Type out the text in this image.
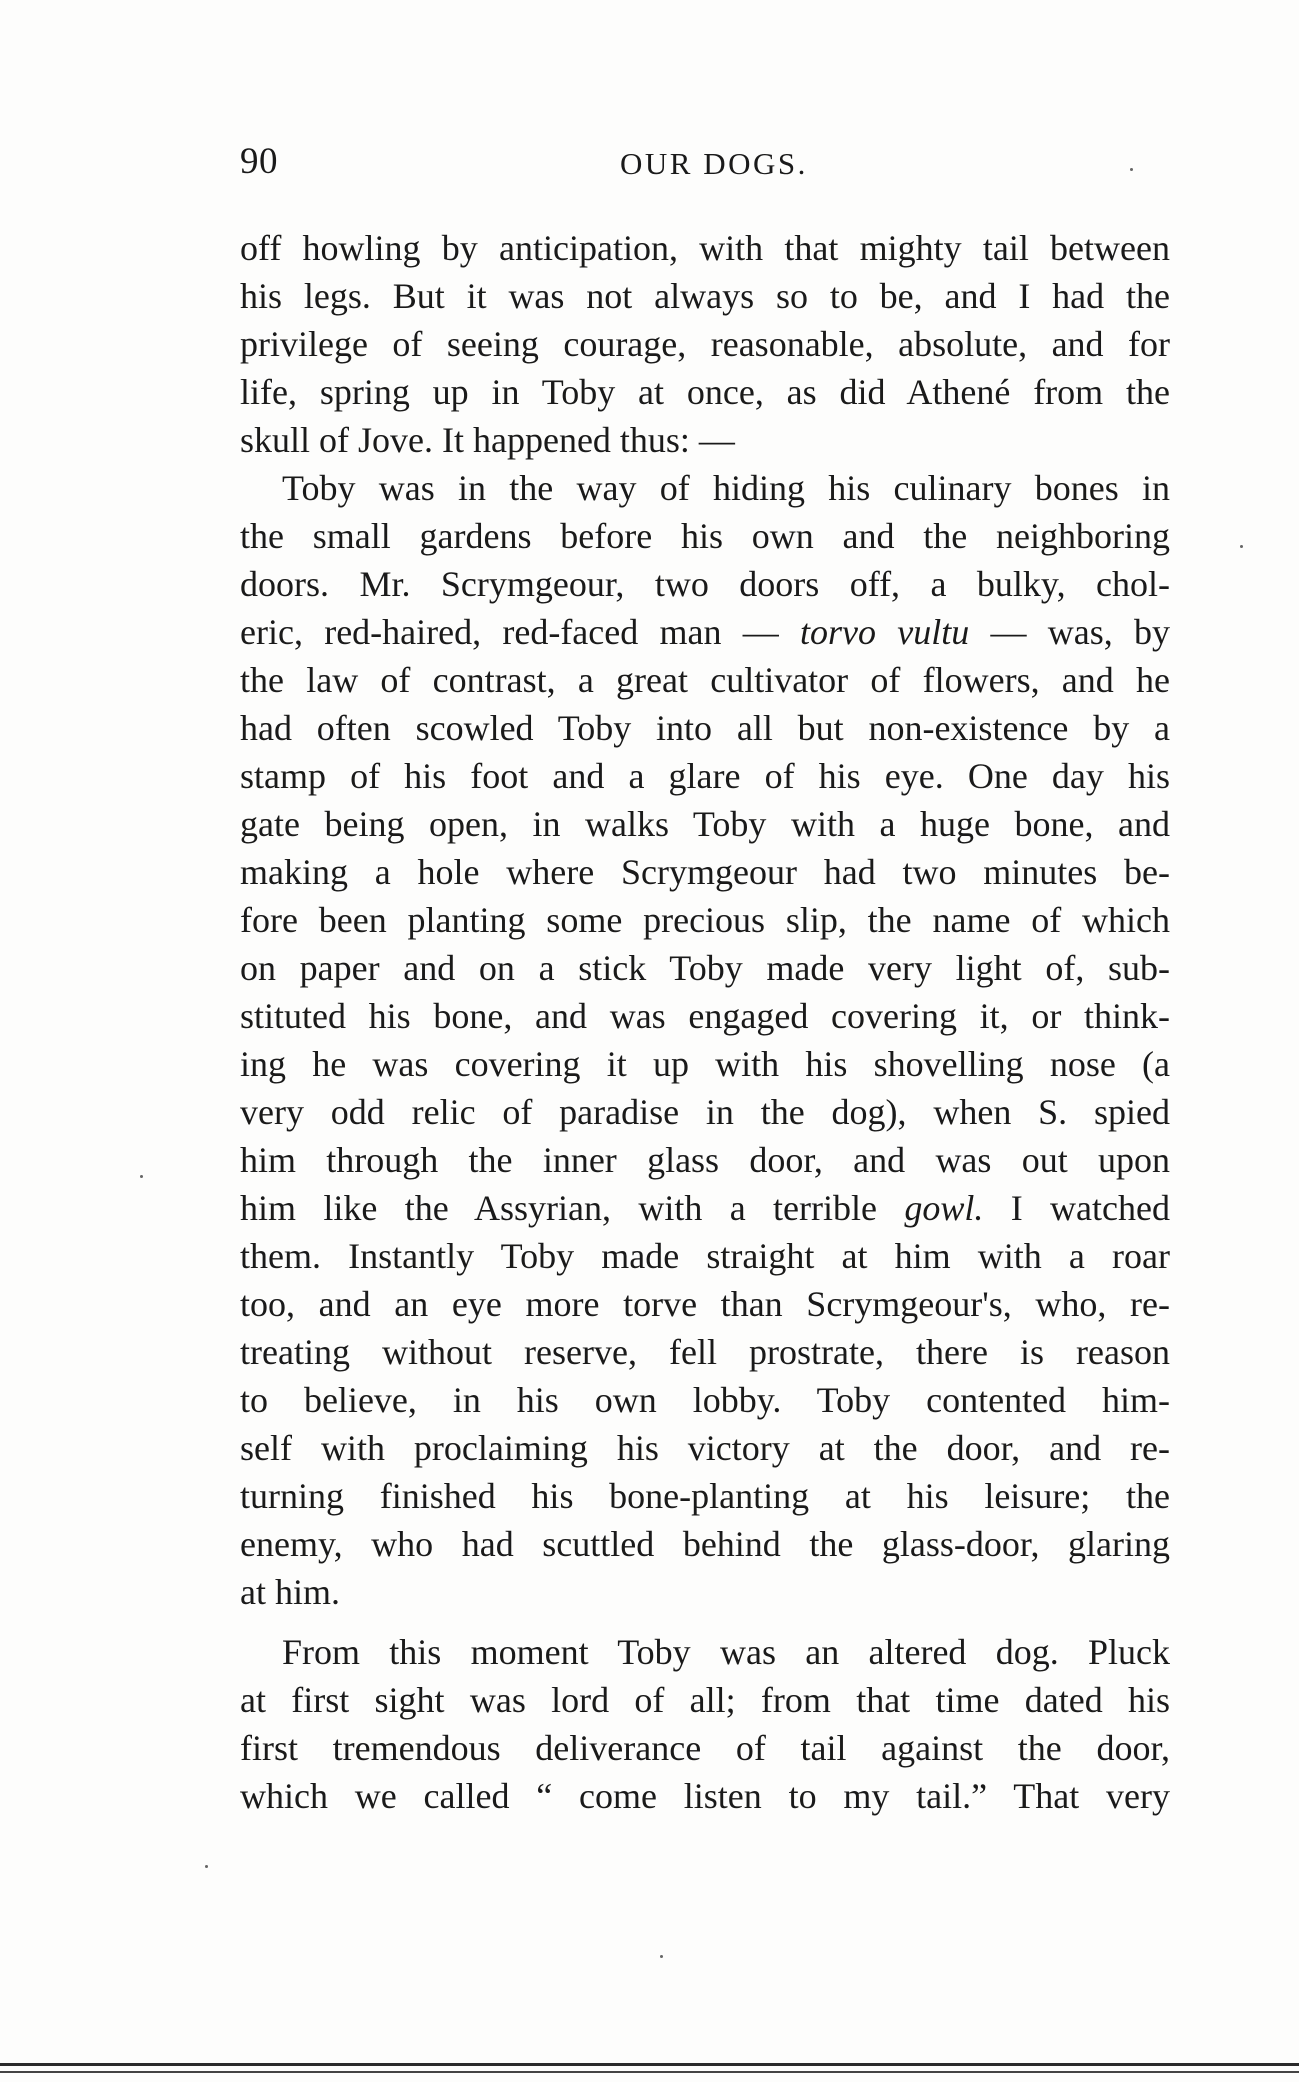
90	OUR DOGS.
off howling by anticipation, with that mighty tail between
his legs. But it was not always so to be, and I had the
privilege of seeing courage, reasonable, absolute, and for
life, spring up in Toby at once, as did Athené from the
skull of Jove. It happened thus: —
Toby was in the way of hiding his culinary bones in
the small gardens before his own and the neighboring
doors. Mr. Scrymgeour, two doors off, a bulky, chol-
eric, red-haired, red-faced man — torvo vultu — was, by
the law of contrast, a great cultivator of flowers, and he
had often scowled Toby into all but non-existence by a
stamp of his foot and a glare of his eye. One day his
gate being open, in walks Toby with a huge bone, and
making a hole where Scrymgeour had two minutes be-
fore been planting some precious slip, the name of which
on paper and on a stick Toby made very light of, sub-
stituted his bone, and was engaged covering it, or think-
ing he was covering it up with his shovelling nose (a
very odd relic of paradise in the dog), when S. spied
him through the inner glass door, and was out upon
him like the Assyrian, with a terrible gowl. I watched
them. Instantly Toby made straight at him with a roar
too, and an eye more torve than Scrymgeour's, who, re-
treating without reserve, fell prostrate, there is reason
to believe, in his own lobby. Toby contented him-
self with proclaiming his victory at the door, and re-
turning finished his bone-planting at his leisure; the
enemy, who had scuttled behind the glass-door, glaring
at him.
From this moment Toby was an altered dog. Pluck
at first sight was lord of all; from that time dated his
first tremendous deliverance of tail against the door,
which we called “ come listen to my tail.” That very
